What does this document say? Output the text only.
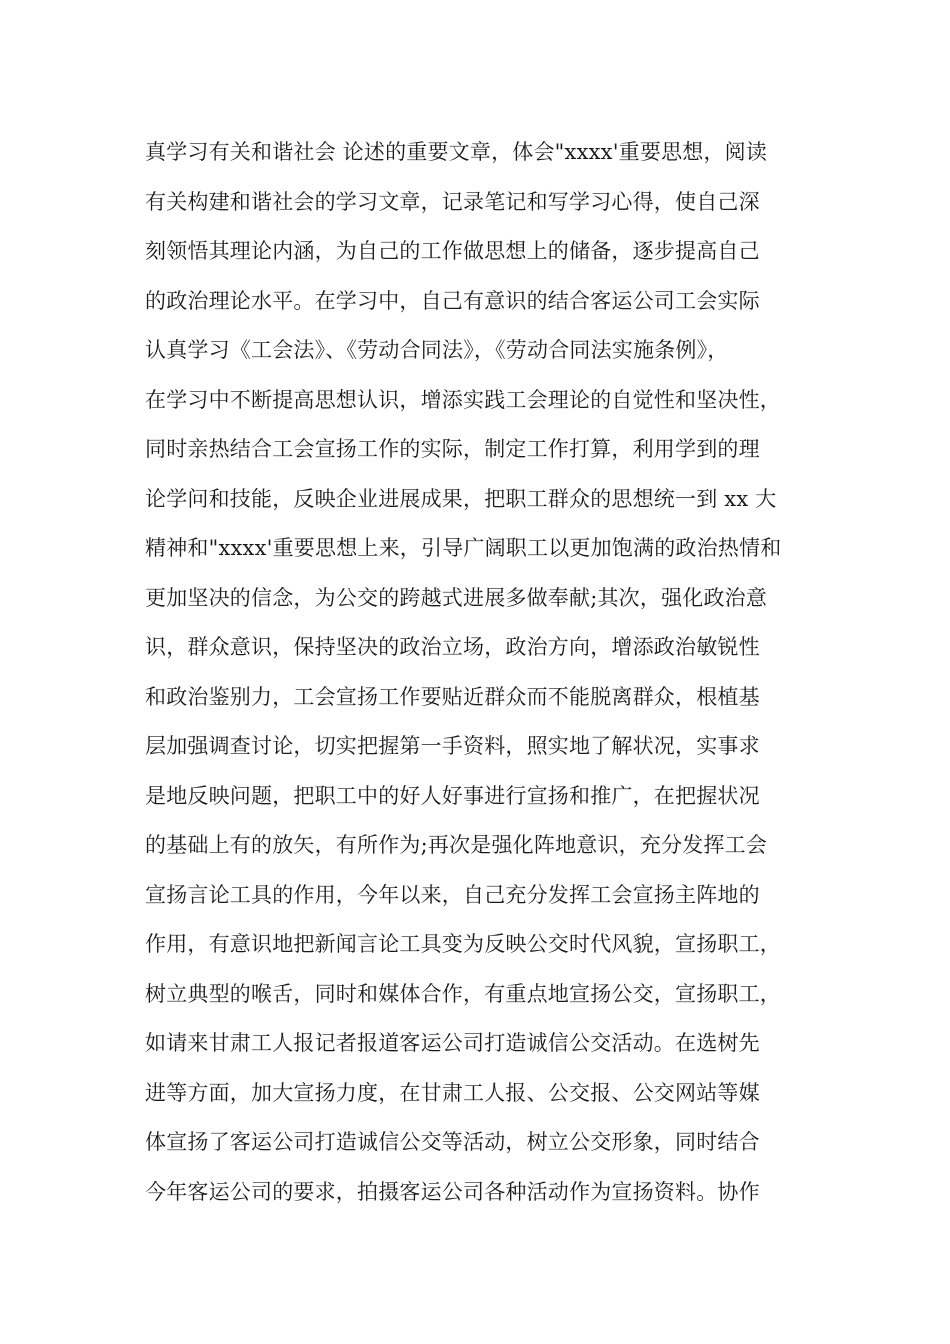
真学习有关和谐社会 论述的重要文章，体会"xxxx'重要思想，阅读
有关构建和谐社会的学习文章，记录笔记和写学习心得，使自己深
刻领悟其理论内涵，为自己的工作做思想上的储备，逐步提高自己
的政治理论水平。在学习中，自己有意识的结合客运公司工会实际
认真学习《工会法》、《劳动合同法》，《劳动合同法实施条例》，
在学习中不断提高思想认识，增添实践工会理论的自觉性和坚决性，
同时亲热结合工会宣扬工作的实际，制定工作打算，利用学到的理
论学问和技能，反映企业进展成果，把职工群众的思想统一到 xx 大
精神和"xxxx'重要思想上来，引导广阔职工以更加饱满的政治热情和
更加坚决的信念，为公交的跨越式进展多做奉献;其次，强化政治意
识，群众意识，保持坚决的政治立场，政治方向，增添政治敏锐性
和政治鉴别力，工会宣扬工作要贴近群众而不能脱离群众，根植基
层加强调查讨论，切实把握第一手资料，照实地了解状况，实事求
是地反映问题，把职工中的好人好事进行宣扬和推广，在把握状况
的基础上有的放矢，有所作为;再次是强化阵地意识，充分发挥工会
宣扬言论工具的作用，今年以来，自己充分发挥工会宣扬主阵地的
作用，有意识地把新闻言论工具变为反映公交时代风貌，宣扬职工，
树立典型的喉舌，同时和媒体合作，有重点地宣扬公交，宣扬职工，
如请来甘肃工人报记者报道客运公司打造诚信公交活动。在选树先
进等方面，加大宣扬力度，在甘肃工人报、公交报、公交网站等媒
体宣扬了客运公司打造诚信公交等活动，树立公交形象，同时结合
今年客运公司的要求，拍摄客运公司各种活动作为宣扬资料。协作
